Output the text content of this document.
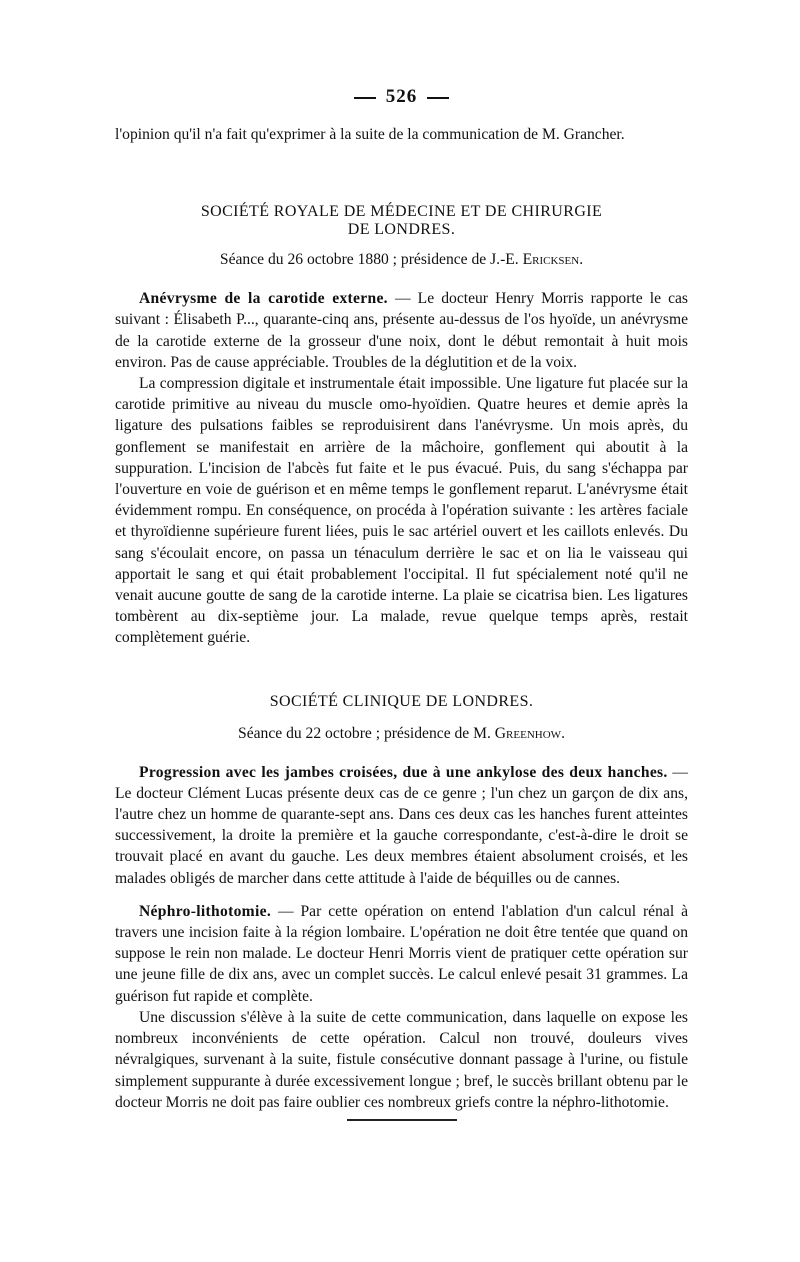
526

l'opinion qu'il n'a fait qu'exprimer à la suite de la communication de M. Grancher.

SOCIÉTÉ ROYALE DE MÉDECINE ET DE CHIRURGIE

DE LONDRES.

Séance du 26 octobre 1880 ; présidence de J.-E. Ericksen.

Anévrysme de la carotide externe. — Le docteur Henry Morris rapporte le cas suivant : Élisabeth P..., quarante-cinq ans, présente au-dessus de l'os hyoïde, un anévrysme de la carotide externe de la grosseur d'une noix, dont le début remontait à huit mois environ. Pas de cause appréciable. Troubles de la déglutition et de la voix.

La compression digitale et instrumentale était impossible. Une ligature fut placée sur la carotide primitive au niveau du muscle omo-hyoïdien. Quatre heures et demie après la ligature des pulsations faibles se reproduisirent dans l'anévrysme. Un mois après, du gonflement se manifestait en arrière de la mâchoire, gonflement qui aboutit à la suppuration. L'incision de l'abcès fut faite et le pus évacué. Puis, du sang s'échappa par l'ouverture en voie de guérison et en même temps le gonflement reparut. L'anévrysme était évidemment rompu. En conséquence, on procéda à l'opération suivante : les artères faciale et thyroïdienne supérieure furent liées, puis le sac artériel ouvert et les caillots enlevés. Du sang s'écoulait encore, on passa un ténaculum derrière le sac et on lia le vaisseau qui apportait le sang et qui était probablement l'occipital. Il fut spécialement noté qu'il ne venait aucune goutte de sang de la carotide interne. La plaie se cicatrisa bien. Les ligatures tombèrent au dix-septième jour. La malade, revue quelque temps après, restait complètement guérie.

SOCIÉTÉ CLINIQUE DE LONDRES.

Séance du 22 octobre ; présidence de M. Greenhow.

Progression avec les jambes croisées, due à une ankylose des deux hanches. — Le docteur Clément Lucas présente deux cas de ce genre ; l'un chez un garçon de dix ans, l'autre chez un homme de quarante-sept ans. Dans ces deux cas les hanches furent atteintes successivement, la droite la première et la gauche correspondante, c'est-à-dire le droit se trouvait placé en avant du gauche. Les deux membres étaient absolument croisés, et les malades obligés de marcher dans cette attitude à l'aide de béquilles ou de cannes.

Néphro-lithotomie. — Par cette opération on entend l'ablation d'un calcul rénal à travers une incision faite à la région lombaire. L'opération ne doit être tentée que quand on suppose le rein non malade. Le docteur Henri Morris vient de pratiquer cette opération sur une jeune fille de dix ans, avec un complet succès. Le calcul enlevé pesait 31 grammes. La guérison fut rapide et complète.

Une discussion s'élève à la suite de cette communication, dans laquelle on expose les nombreux inconvénients de cette opération. Calcul non trouvé, douleurs vives névralgiques, survenant à la suite, fistule consécutive donnant passage à l'urine, ou fistule simplement suppurante à durée excessivement longue ; bref, le succès brillant obtenu par le docteur Morris ne doit pas faire oublier ces nombreux griefs contre la néphro-lithotomie.
